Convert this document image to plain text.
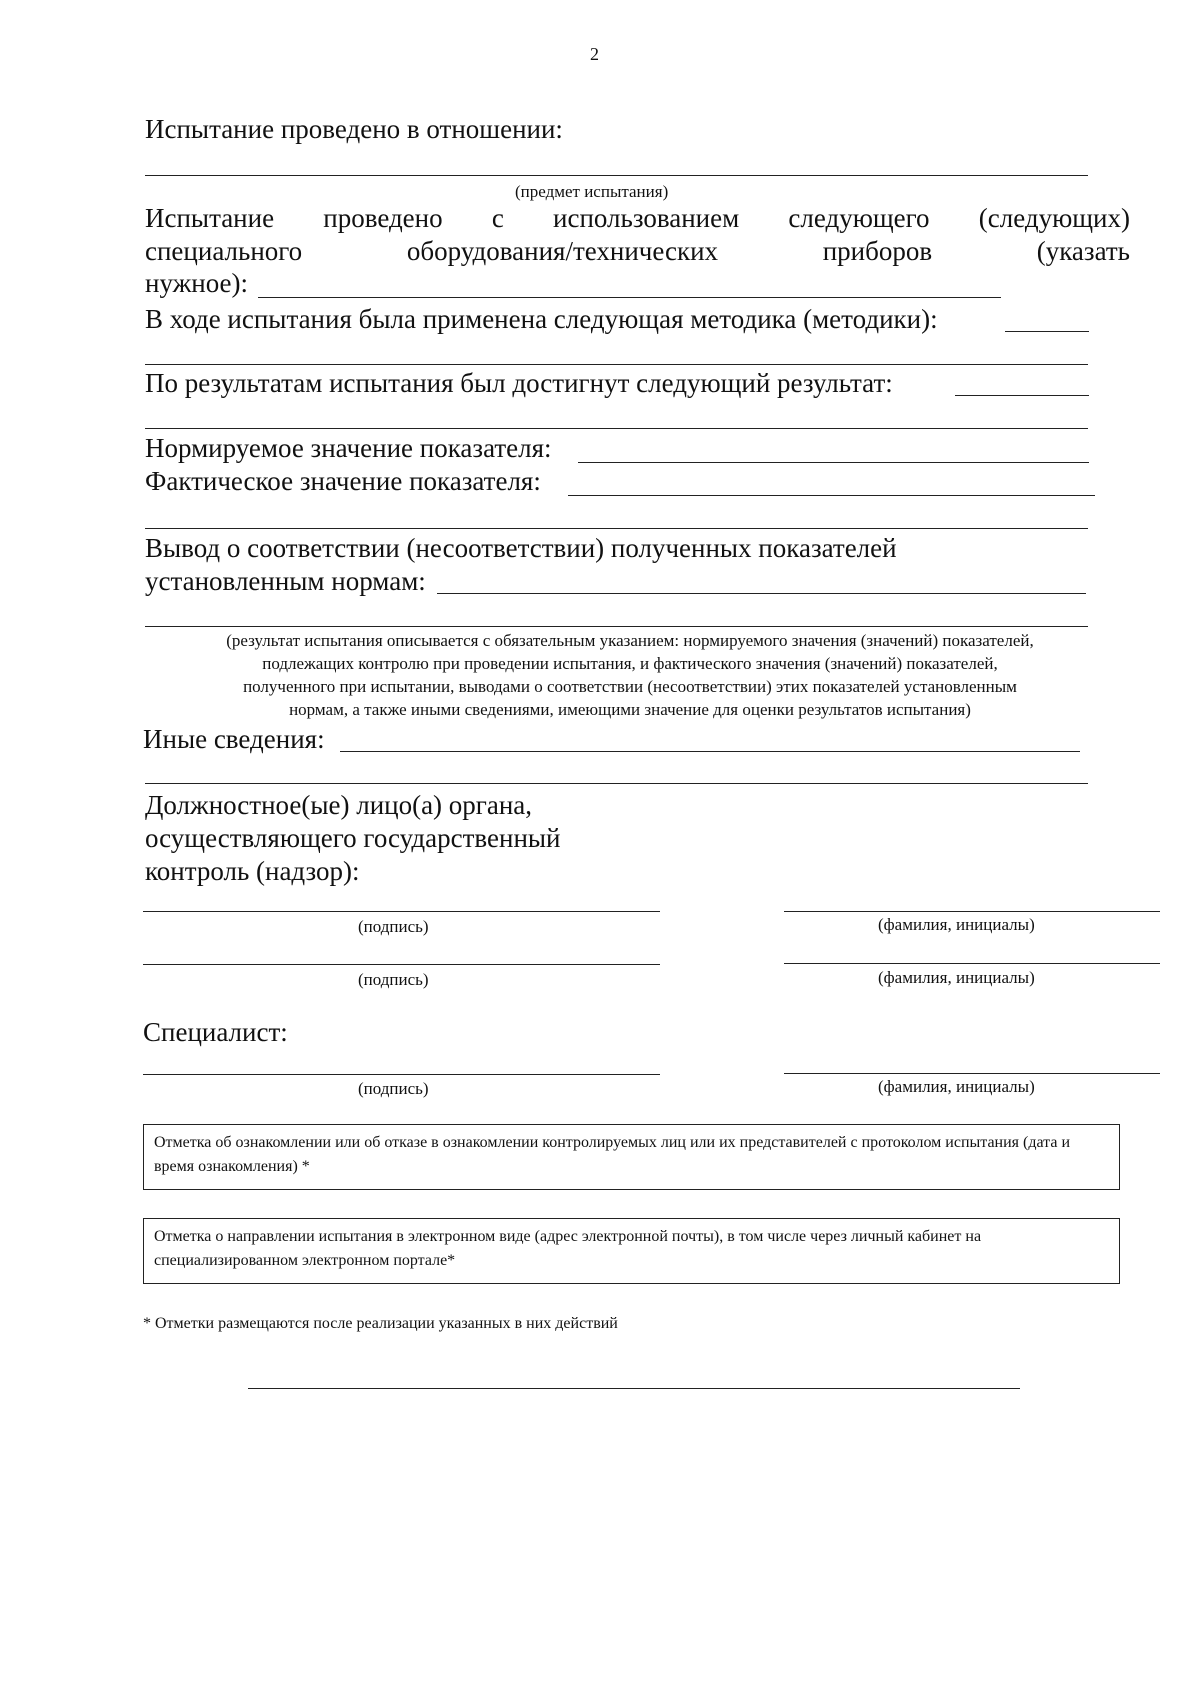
2
Испытание проведено в отношении:
(предмет испытания)
Испытание проведено с использованием следующего (следующих)
специального	оборудования/технических	приборов	(указать
нужное):
В ходе испытания была применена следующая методика (методики):
По результатам испытания был достигнут следующий результат:
Нормируемое значение показателя:
Фактическое значение показателя:
Вывод о соответствии (несоответствии) полученных показателей
установленным нормам:
(результат испытания описывается с обязательным указанием: нормируемого значения (значений) показателей,
подлежащих контролю при проведении испытания, и фактического значения (значений) показателей,
полученного при испытании, выводами о соответствии (несоответствии) этих показателей установленным
нормам, а также иными сведениями, имеющими значение для оценки результатов испытания)
Иные сведения:
Должностное(ые) лицо(а) органа,
осуществляющего государственный
контроль (надзор):
(подпись)	(фамилия, инициалы)
(подпись)	(фамилия, инициалы)
Специалист:
(подпись)	(фамилия, инициалы)
Отметка об ознакомлении или об отказе в ознакомлении контролируемых лиц или их представителей с протоколом испытания (дата и время ознакомления) *
Отметка о направлении испытания в электронном виде (адрес электронной почты), в том числе через личный кабинет на специализированном электронном портале*
* Отметки размещаются после реализации указанных в них действий
